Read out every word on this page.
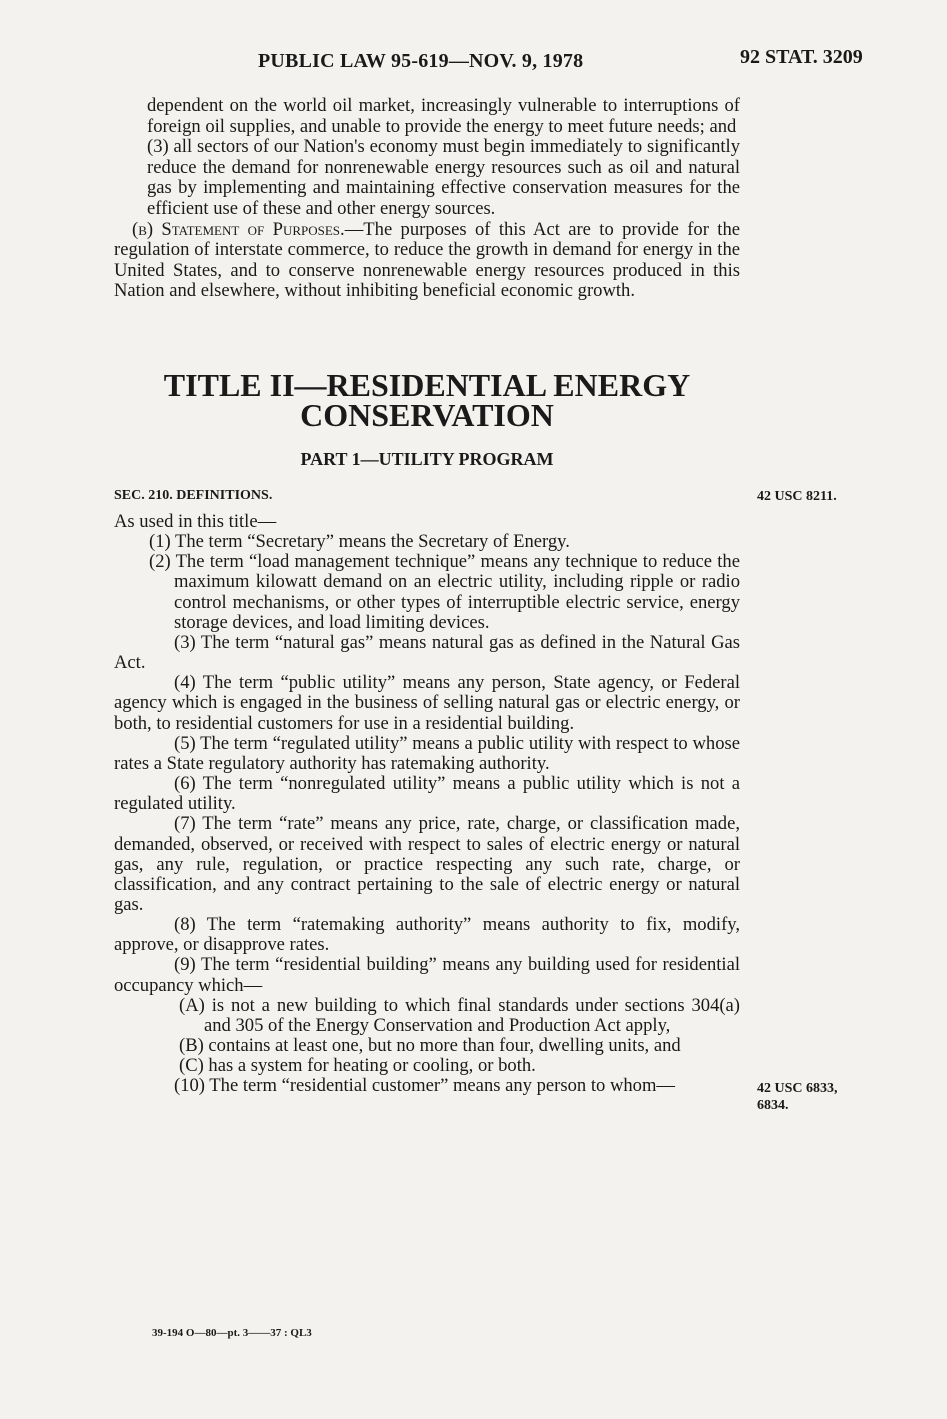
PUBLIC LAW 95-619—NOV. 9, 1978	92 STAT. 3209

dependent on the world oil market, increasingly vulnerable to interruptions of foreign oil supplies, and unable to provide the energy to meet future needs; and

(3) all sectors of our Nation's economy must begin immediately to significantly reduce the demand for nonrenewable energy resources such as oil and natural gas by implementing and maintaining effective conservation measures for the efficient use of these and other energy sources.

(b) Statement of Purposes.—The purposes of this Act are to provide for the regulation of interstate commerce, to reduce the growth in demand for energy in the United States, and to conserve nonrenewable energy resources produced in this Nation and elsewhere, without inhibiting beneficial economic growth.

TITLE II—RESIDENTIAL ENERGY
CONSERVATION
PART 1—UTILITY PROGRAM
SEC. 210. DEFINITIONS.	42 USC 8211.

As used in this title—

(1) The term “Secretary” means the Secretary of Energy.

(2) The term “load management technique” means any technique to reduce the maximum kilowatt demand on an electric utility, including ripple or radio control mechanisms, or other types of interruptible electric service, energy storage devices, and load limiting devices.

(3) The term “natural gas” means natural gas as defined in the Natural Gas Act.

(4) The term “public utility” means any person, State agency, or Federal agency which is engaged in the business of selling natural gas or electric energy, or both, to residential customers for use in a residential building.

(5) The term “regulated utility” means a public utility with respect to whose rates a State regulatory authority has ratemaking authority.

(6) The term “nonregulated utility” means a public utility which is not a regulated utility.

(7) The term “rate” means any price, rate, charge, or classification made, demanded, observed, or received with respect to sales of electric energy or natural gas, any rule, regulation, or practice respecting any such rate, charge, or classification, and any contract pertaining to the sale of electric energy or natural gas.

(8) The term “ratemaking authority” means authority to fix, modify, approve, or disapprove rates.

(9) The term “residential building” means any building used for residential occupancy which—

(A) is not a new building to which final standards under sections 304(a) and 305 of the Energy Conservation and Production Act apply,

(B) contains at least one, but no more than four, dwelling units, and

(C) has a system for heating or cooling, or both.

(10) The term “residential customer” means any person to whom—	42 USC 6833,
6834.
39-194 O—80—pt. 3——37 : QL3
